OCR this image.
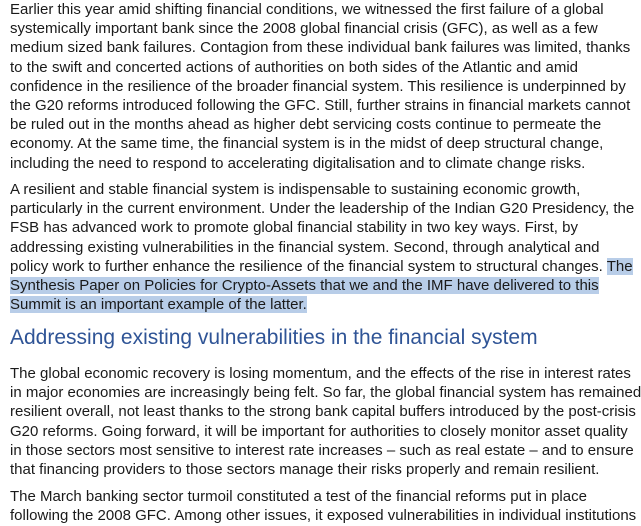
Earlier this year amid shifting financial conditions, we witnessed the first failure of a global
systemically important bank since the 2008 global financial crisis (GFC), as well as a few
medium sized bank failures. Contagion from these individual bank failures was limited, thanks
to the swift and concerted actions of authorities on both sides of the Atlantic and amid
confidence in the resilience of the broader financial system. This resilience is underpinned by
the G20 reforms introduced following the GFC. Still, further strains in financial markets cannot
be ruled out in the months ahead as higher debt servicing costs continue to permeate the
economy. At the same time, the financial system is in the midst of deep structural change,
including the need to respond to accelerating digitalisation and to climate change risks.
A resilient and stable financial system is indispensable to sustaining economic growth,
particularly in the current environment. Under the leadership of the Indian G20 Presidency, the
FSB has advanced work to promote global financial stability in two key ways. First, by
addressing existing vulnerabilities in the financial system. Second, through analytical and
policy work to further enhance the resilience of the financial system to structural changes. The
Synthesis Paper on Policies for Crypto-Assets that we and the IMF have delivered to this
Summit is an important example of the latter.
Addressing existing vulnerabilities in the financial system
The global economic recovery is losing momentum, and the effects of the rise in interest rates
in major economies are increasingly being felt. So far, the global financial system has remained
resilient overall, not least thanks to the strong bank capital buffers introduced by the post-crisis
G20 reforms. Going forward, it will be important for authorities to closely monitor asset quality
in those sectors most sensitive to interest rate increases – such as real estate – and to ensure
that financing providers to those sectors manage their risks properly and remain resilient.
The March banking sector turmoil constituted a test of the financial reforms put in place
following the 2008 GFC. Among other issues, it exposed vulnerabilities in individual institutions
